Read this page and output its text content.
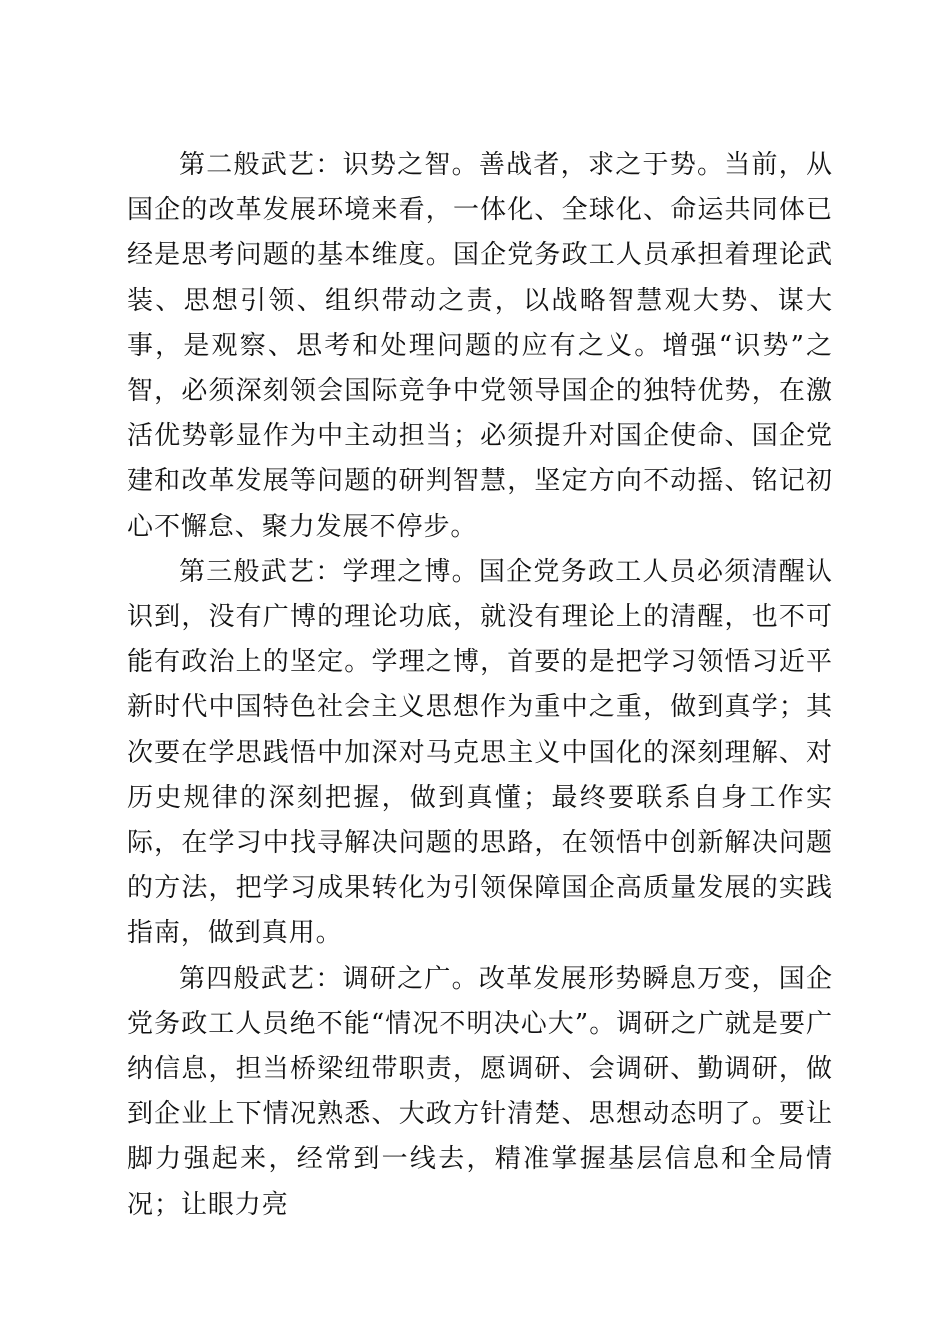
第二般武艺：识势之智。善战者，求之于势。当前，从国企的改革发展环境来看，一体化、全球化、命运共同体已经是思考问题的基本维度。国企党务政工人员承担着理论武装、思想引领、组织带动之责，以战略智慧观大势、谋大事，是观察、思考和处理问题的应有之义。增强“识势”之智，必须深刻领会国际竞争中党领导国企的独特优势，在激活优势彰显作为中主动担当；必须提升对国企使命、国企党建和改革发展等问题的研判智慧，坚定方向不动摇、铭记初心不懈怠、聚力发展不停步。

第三般武艺：学理之博。国企党务政工人员必须清醒认识到，没有广博的理论功底，就没有理论上的清醒，也不可能有政治上的坚定。学理之博，首要的是把学习领悟习近平新时代中国特色社会主义思想作为重中之重，做到真学；其次要在学思践悟中加深对马克思主义中国化的深刻理解、对历史规律的深刻把握，做到真懂；最终要联系自身工作实际，在学习中找寻解决问题的思路，在领悟中创新解决问题的方法，把学习成果转化为引领保障国企高质量发展的实践指南，做到真用。

第四般武艺：调研之广。改革发展形势瞬息万变，国企党务政工人员绝不能“情况不明决心大”。调研之广就是要广纳信息，担当桥梁纽带职责，愿调研、会调研、勤调研，做到企业上下情况熟悉、大政方针清楚、思想动态明了。要让脚力强起来，经常到一线去，精准掌握基层信息和全局情况；让眼力亮
